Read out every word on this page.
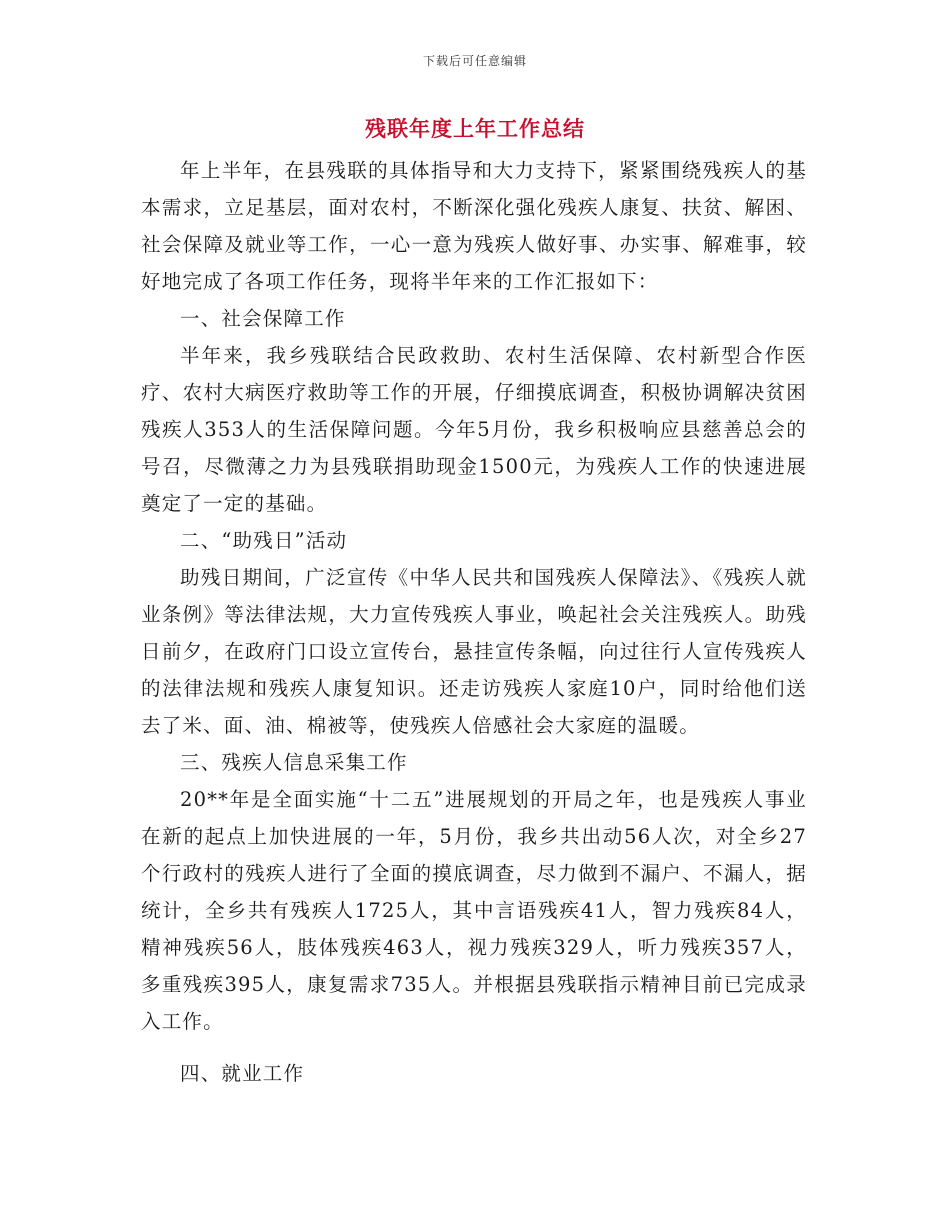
下载后可任意编辑
残联年度上年工作总结

年上半年，在县残联的具体指导和大力支持下，紧紧围绕残疾人的基本需求，立足基层，面对农村，不断深化强化残疾人康复、扶贫、解困、社会保障及就业等工作，一心一意为残疾人做好事、办实事、解难事，较好地完成了各项工作任务，现将半年来的工作汇报如下：

一、社会保障工作

半年来，我乡残联结合民政救助、农村生活保障、农村新型合作医疗、农村大病医疗救助等工作的开展，仔细摸底调查，积极协调解决贫困残疾人353人的生活保障问题。今年5月份，我乡积极响应县慈善总会的号召，尽微薄之力为县残联捐助现金1500元，为残疾人工作的快速进展奠定了一定的基础。

二、“助残日”活动

助残日期间，广泛宣传《中华人民共和国残疾人保障法》、《残疾人就业条例》等法律法规，大力宣传残疾人事业，唤起社会关注残疾人。助残日前夕，在政府门口设立宣传台，悬挂宣传条幅，向过往行人宣传残疾人的法律法规和残疾人康复知识。还走访残疾人家庭10户，同时给他们送去了米、面、油、棉被等，使残疾人倍感社会大家庭的温暖。

三、残疾人信息采集工作

20**年是全面实施“十二五”进展规划的开局之年，也是残疾人事业在新的起点上加快进展的一年，5月份，我乡共出动56人次，对全乡27个行政村的残疾人进行了全面的摸底调查，尽力做到不漏户、不漏人，据统计，全乡共有残疾人1725人，其中言语残疾41人，智力残疾84人，精神残疾56人，肢体残疾463人，视力残疾329人，听力残疾357人，多重残疾395人，康复需求735人。并根据县残联指示精神目前已完成录入工作。

四、就业工作
